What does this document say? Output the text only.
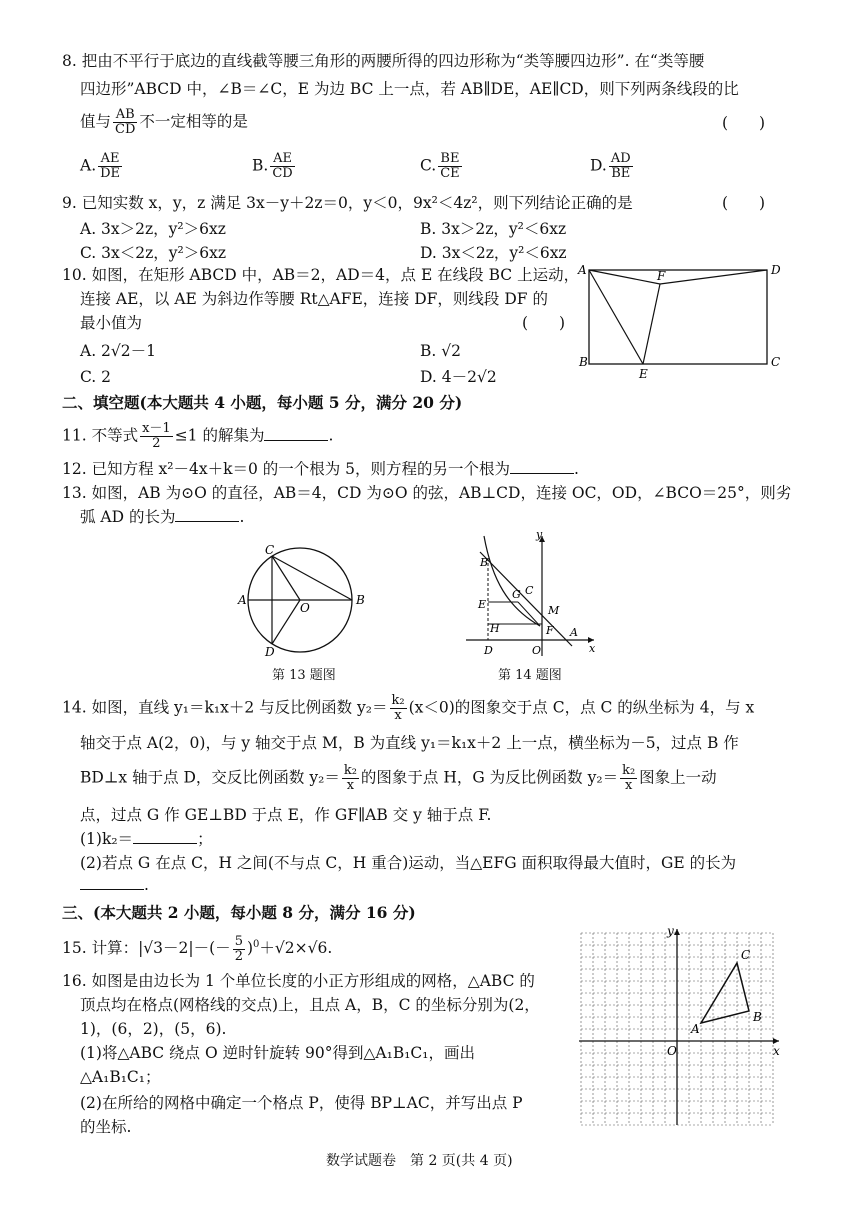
8. 把由不平行于底边的直线截等腰三角形的两腰所得的四边形称为“类等腰四边形”. 在“类等腰
四边形”ABCD 中，∠B＝∠C，E 为边 BC 上一点，若 AB∥DE，AE∥CD，则下列两条线段的比
值与 $\frac{AB}{CD}$ 不一定相等的是	(　　)
A. $\frac{AE}{DE}$	B. $\frac{AE}{CD}$	C. $\frac{BE}{CE}$	D. $\frac{AD}{BE}$
9. 已知实数 x，y，z 满足 3x－y＋2z＝0，y＜0，9x²＜4z²，则下列结论正确的是	(　　)
A. 3x＞2z，y²＞6xz	B. 3x＞2z，y²＜6xz
C. 3x＜2z，y²＞6xz	D. 3x＜2z，y²＜6xz
10. 如图，在矩形 ABCD 中，AB＝2，AD＝4，点 E 在线段 BC 上运动，
连接 AE，以 AE 为斜边作等腰 Rt△AFE，连接 DF，则线段 DF 的
最小值为	(　　)
A. 2√2－1	B. √2
C. 2	D. 4－2√2
A	D
B	C
E
F
二、填空题(本大题共 4 小题，每小题 5 分，满分 20 分)
11. 不等式 $\frac{x-1}{2} \le 1$ 的解集为	.
12. 已知方程 x²－4x＋k＝0 的一个根为 5，则方程的另一个根为	.
13. 如图，AB 为⊙O 的直径，AB＝4，CD 为⊙O 的弦，AB⊥CD，连接 OC，OD，∠BCO＝25°，则劣
弧 AD 的长为	.
C
A	B
D
O
第 13 题图
y
x
B
C
G
E	M
H	F A
D	O
第 14 题图
14. 如图，直线 y₁＝k₁x＋2 与反比例函数 $y_2= \frac{\text{k₂}}{x} (x<0)$的图象交于点 C，点 C 的纵坐标为 4，与 x
轴交于点 A(2，0)，与 y 轴交于点 M，B 为直线 y₁＝k₁x＋2 上一点，横坐标为－5，过点 B 作
BD⊥x 轴于点 D，交反比例函数 $y_2= \frac{\text{k₂}}{x}$ 的图象于点 H，G 为反比例函数 $y_2= \frac{\text{k₂}}{x}$ 图象上一动
点，过点 G 作 GE⊥BD 于点 E，作 GF∥AB 交 y 轴于点 F.
(1)k₂＝	；
(2)若点 G 在点 C，H 之间(不与点 C，H 重合)运动，当△EFG 面积取得最大值时，GE 的长为
.
三、(本大题共 2 小题，每小题 8 分，满分 16 分)
15. 计算：$|√3-2|-(- \frac{5}{2} )^0+√2\times√6$.
16. 如图是由边长为 1 个单位长度的小正方形组成的网格，△ABC 的
顶点均在格点(网格线的交点)上，且点 A，B，C 的坐标分别为(2，
1)，(6，2)，(5，6).
(1)将△ABC 绕点 O 逆时针旋转 90°得到△A₁B₁C₁，画出
△A₁B₁C₁；
(2)在所给的网格中确定一个格点 P，使得 BP⊥AC，并写出点 P
的坐标.
y
x
O
A
B
C
数学试题卷　第 2 页(共 4 页)
